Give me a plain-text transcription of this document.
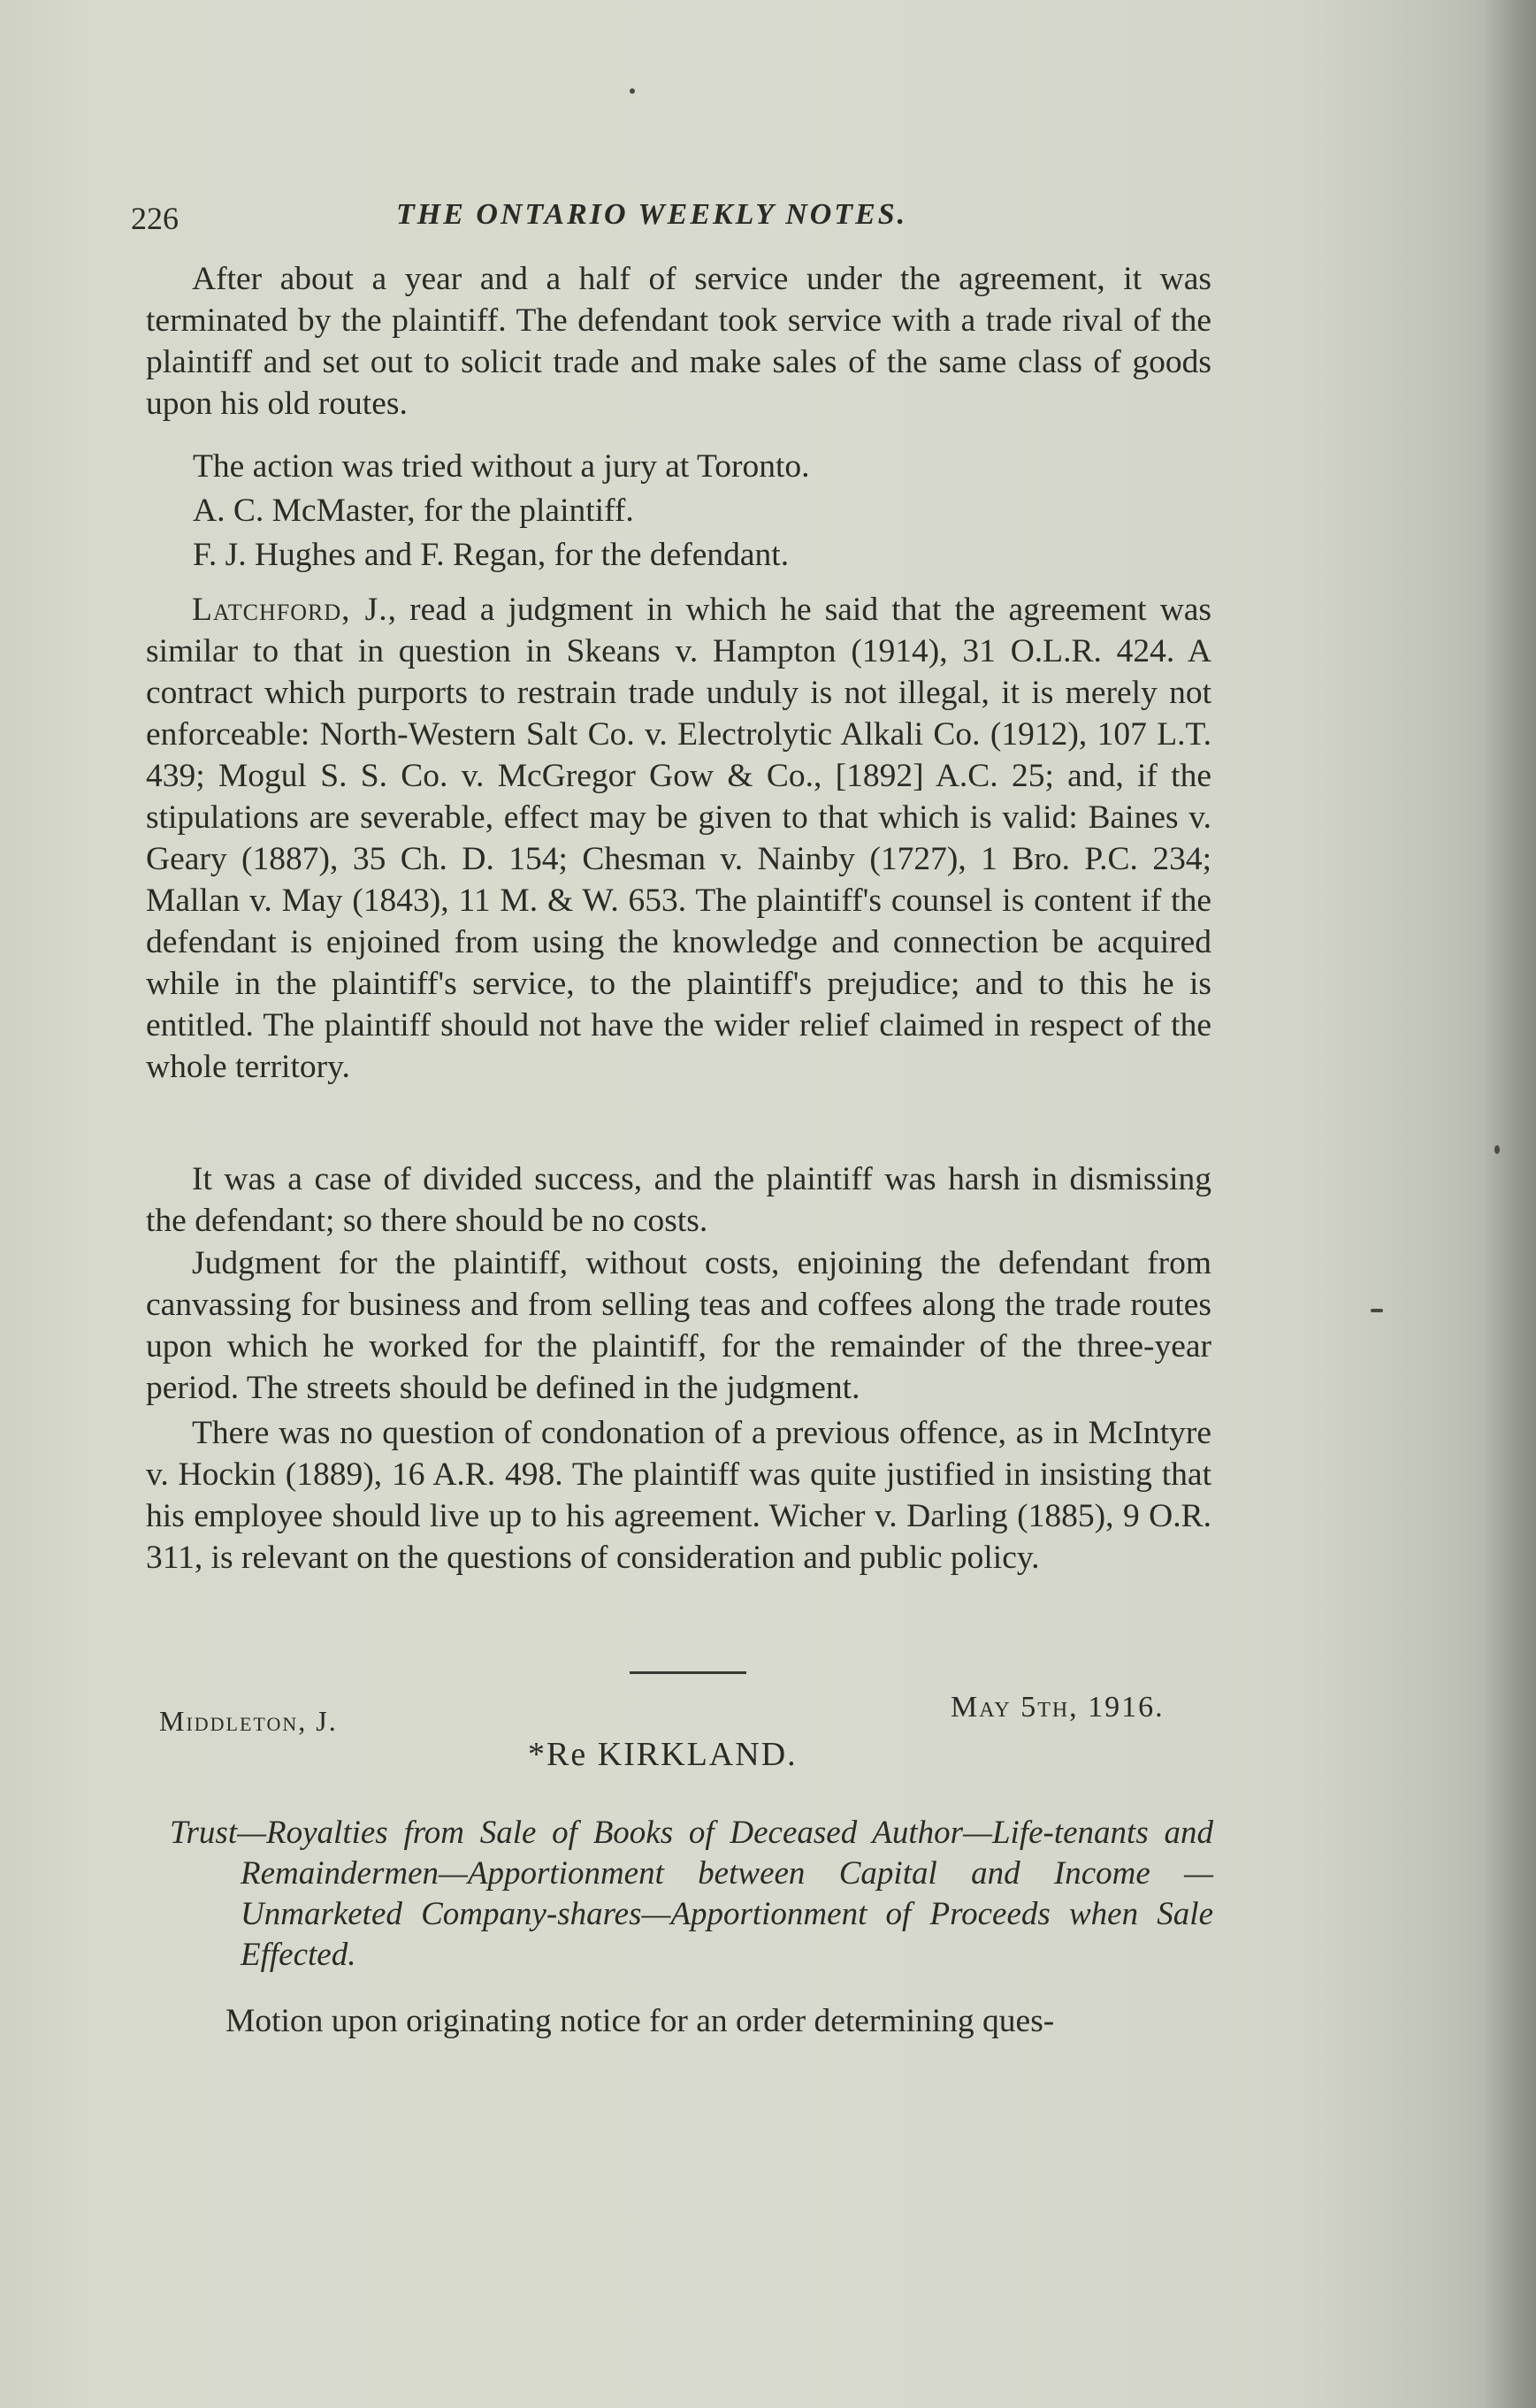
226	THE ONTARIO WEEKLY NOTES.
After about a year and a half of service under the agreement, it was terminated by the plaintiff. The defendant took service with a trade rival of the plaintiff and set out to solicit trade and make sales of the same class of goods upon his old routes.
The action was tried without a jury at Toronto.
A. C. McMaster, for the plaintiff.
F. J. Hughes and F. Regan, for the defendant.
Latchford, J., read a judgment in which he said that the agreement was similar to that in question in Skeans v. Hampton (1914), 31 O.L.R. 424. A contract which purports to restrain trade unduly is not illegal, it is merely not enforceable: North-Western Salt Co. v. Electrolytic Alkali Co. (1912), 107 L.T. 439; Mogul S. S. Co. v. McGregor Gow & Co., [1892] A.C. 25; and, if the stipulations are severable, effect may be given to that which is valid: Baines v. Geary (1887), 35 Ch. D. 154; Chesman v. Nainby (1727), 1 Bro. P.C. 234; Mallan v. May (1843), 11 M. & W. 653. The plaintiff's counsel is content if the defendant is enjoined from using the knowledge and connection be acquired while in the plaintiff's service, to the plaintiff's prejudice; and to this he is entitled. The plaintiff should not have the wider relief claimed in respect of the whole territory.
It was a case of divided success, and the plaintiff was harsh in dismissing the defendant; so there should be no costs.
Judgment for the plaintiff, without costs, enjoining the defendant from canvassing for business and from selling teas and coffees along the trade routes upon which he worked for the plaintiff, for the remainder of the three-year period. The streets should be defined in the judgment.
There was no question of condonation of a previous offence, as in McIntyre v. Hockin (1889), 16 A.R. 498. The plaintiff was quite justified in insisting that his employee should live up to his agreement. Wicher v. Darling (1885), 9 O.R. 311, is relevant on the questions of consideration and public policy.
Middleton, J.	May 5th, 1916.
*Re KIRKLAND.
Trust—Royalties from Sale of Books of Deceased Author—Life-tenants and Remaindermen—Apportionment between Capital and Income — Unmarketed Company-shares—Apportionment of Proceeds when Sale Effected.
Motion upon originating notice for an order determining ques-
